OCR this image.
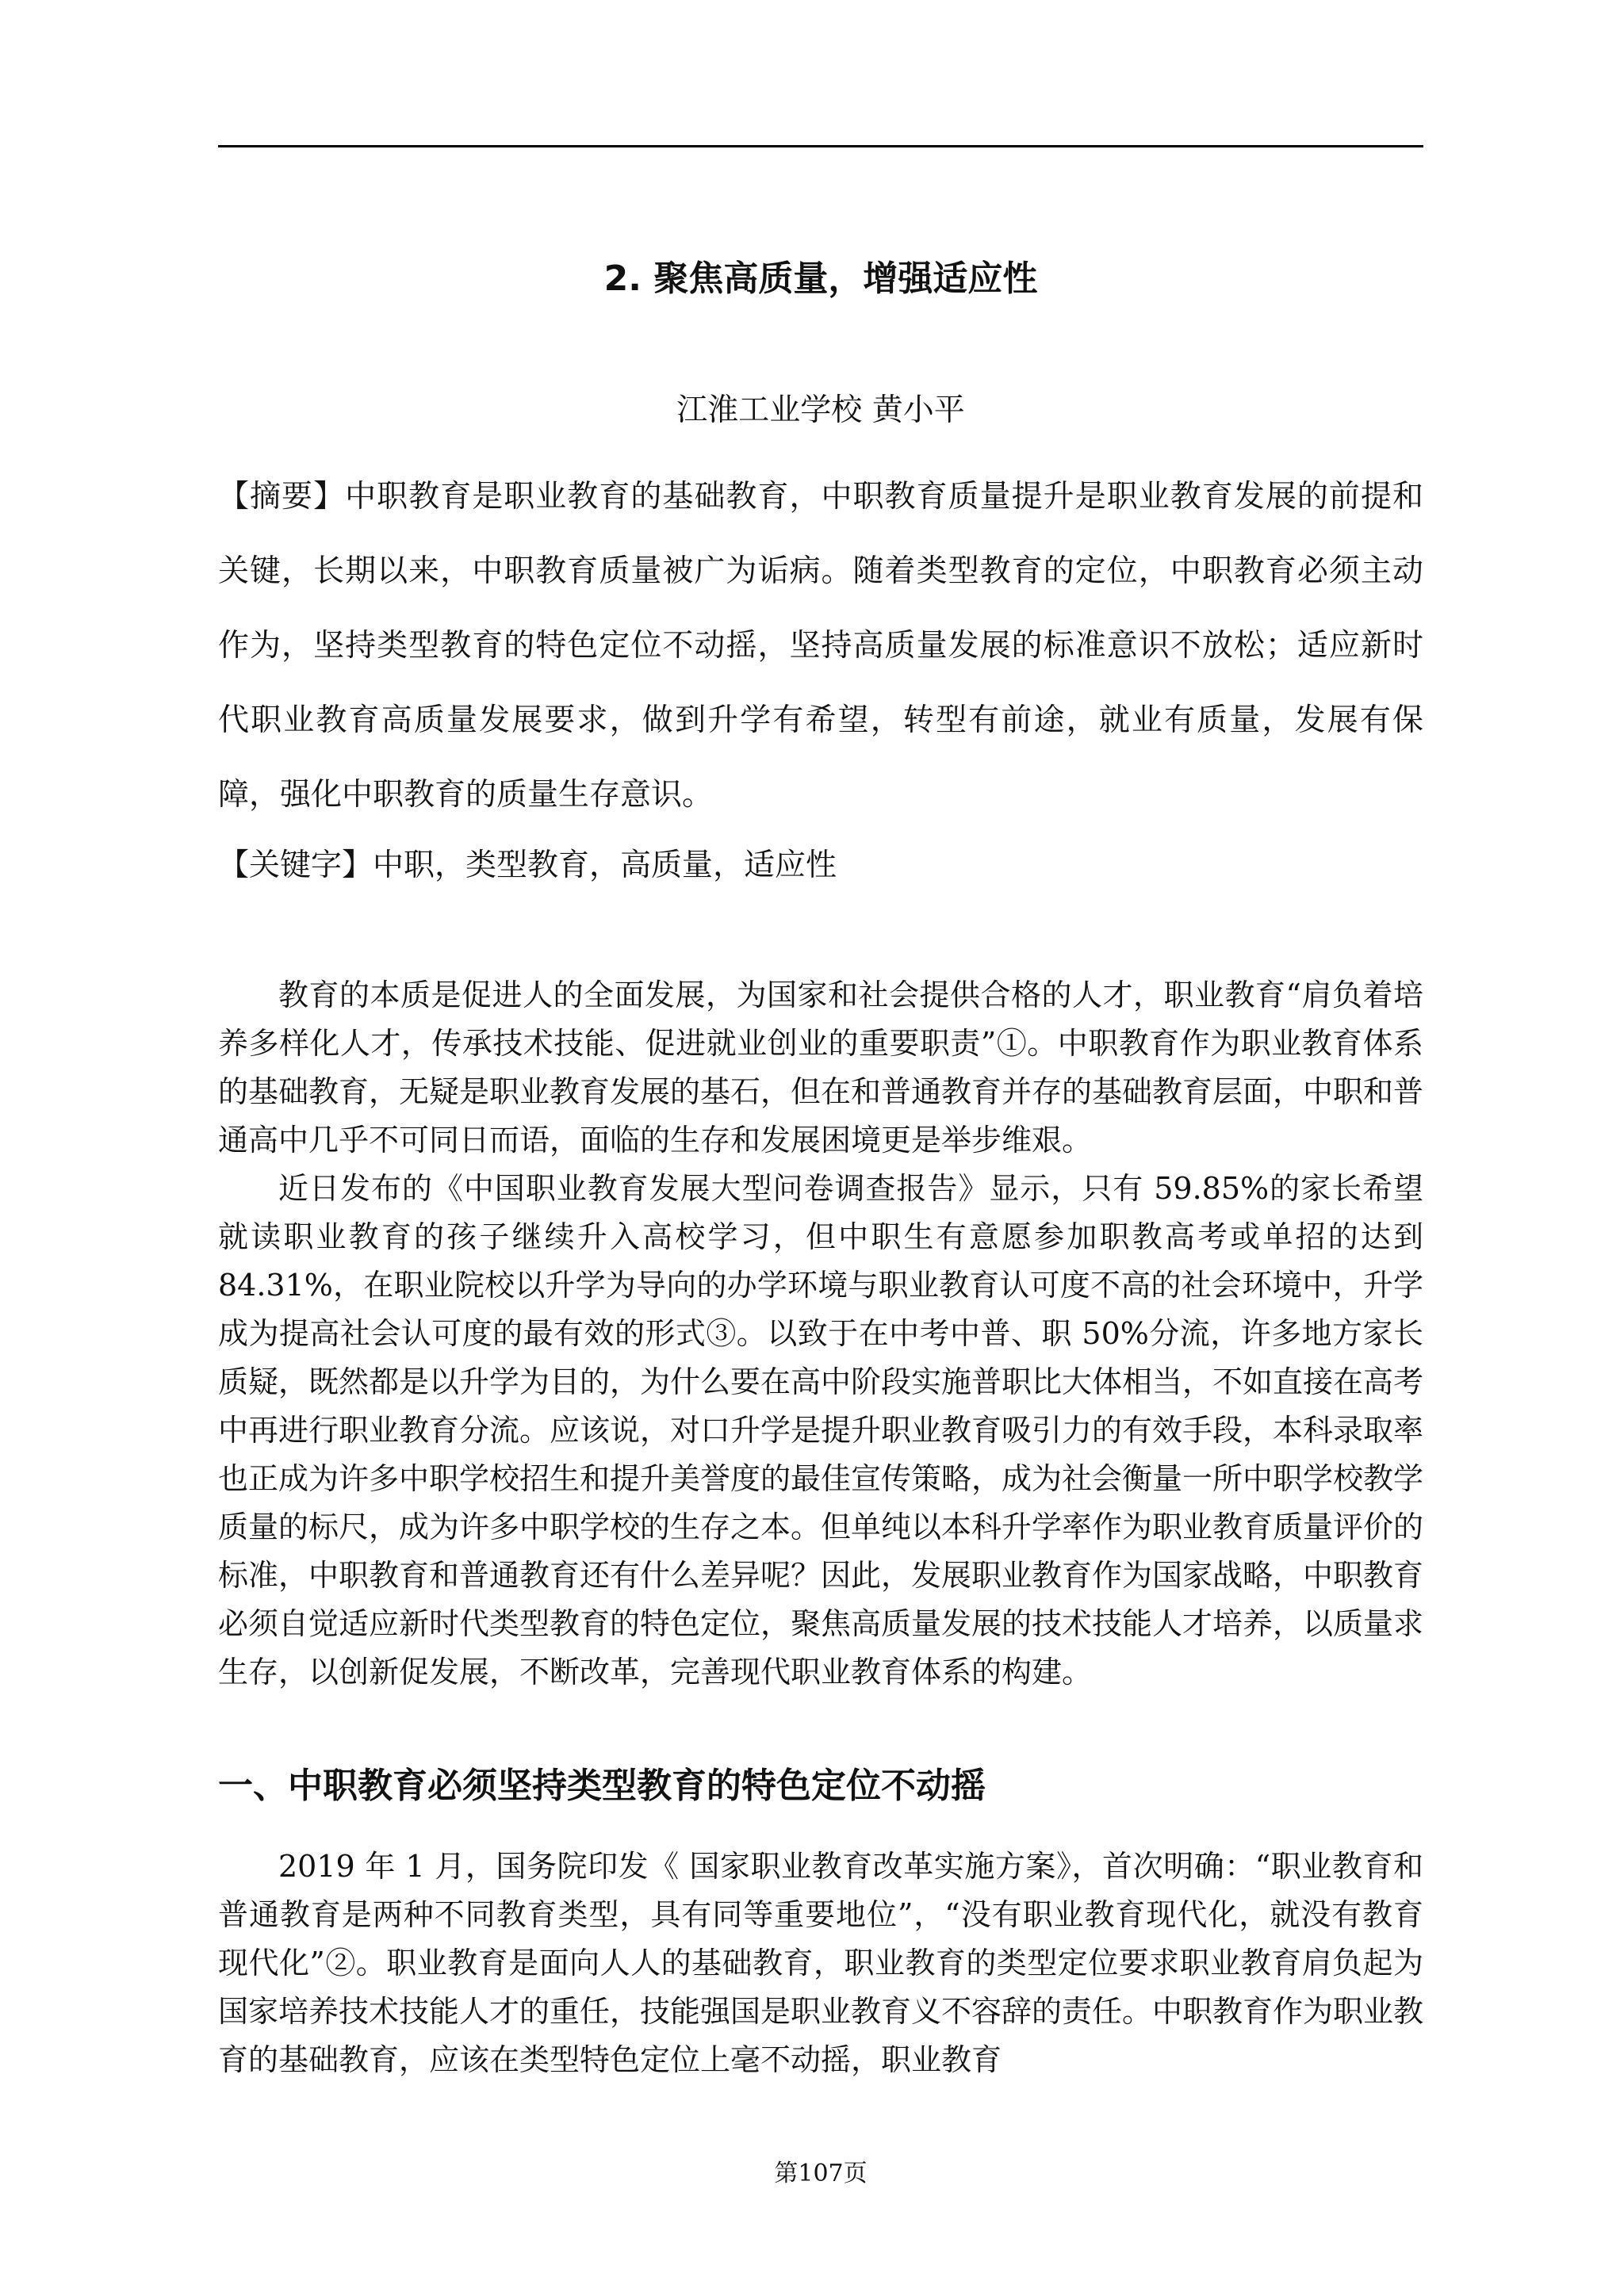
2. 聚焦高质量，增强适应性
江淮工业学校 黄小平

【摘要】中职教育是职业教育的基础教育，中职教育质量提升是职业教育发展的前提和关键，长期以来，中职教育质量被广为诟病。随着类型教育的定位，中职教育必须主动作为，坚持类型教育的特色定位不动摇，坚持高质量发展的标准意识不放松；适应新时代职业教育高质量发展要求，做到升学有希望，转型有前途，就业有质量，发展有保障，强化中职教育的质量生存意识。

【关键字】中职，类型教育，高质量，适应性

教育的本质是促进人的全面发展，为国家和社会提供合格的人才，职业教育“肩负着培养多样化人才，传承技术技能、促进就业创业的重要职责”①。中职教育作为职业教育体系的基础教育，无疑是职业教育发展的基石，但在和普通教育并存的基础教育层面，中职和普通高中几乎不可同日而语，面临的生存和发展困境更是举步维艰。

近日发布的《中国职业教育发展大型问卷调查报告》显示，只有 59.85%的家长希望就读职业教育的孩子继续升入高校学习，但中职生有意愿参加职教高考或单招的达到 84.31%，在职业院校以升学为导向的办学环境与职业教育认可度不高的社会环境中，升学成为提高社会认可度的最有效的形式③。以致于在中考中普、职 50%分流，许多地方家长质疑，既然都是以升学为目的，为什么要在高中阶段实施普职比大体相当，不如直接在高考中再进行职业教育分流。应该说，对口升学是提升职业教育吸引力的有效手段，本科录取率也正成为许多中职学校招生和提升美誉度的最佳宣传策略，成为社会衡量一所中职学校教学质量的标尺，成为许多中职学校的生存之本。但单纯以本科升学率作为职业教育质量评价的标准，中职教育和普通教育还有什么差异呢？因此，发展职业教育作为国家战略，中职教育必须自觉适应新时代类型教育的特色定位，聚焦高质量发展的技术技能人才培养，以质量求生存，以创新促发展，不断改革，完善现代职业教育体系的构建。

一、中职教育必须坚持类型教育的特色定位不动摇

2019 年 1 月，国务院印发《 国家职业教育改革实施方案》，首次明确：“职业教育和普通教育是两种不同教育类型，具有同等重要地位”，“没有职业教育现代化，就没有教育现代化”②。职业教育是面向人人的基础教育，职业教育的类型定位要求职业教育肩负起为国家培养技术技能人才的重任，技能强国是职业教育义不容辞的责任。中职教育作为职业教育的基础教育，应该在类型特色定位上毫不动摇，职业教育

第107页
